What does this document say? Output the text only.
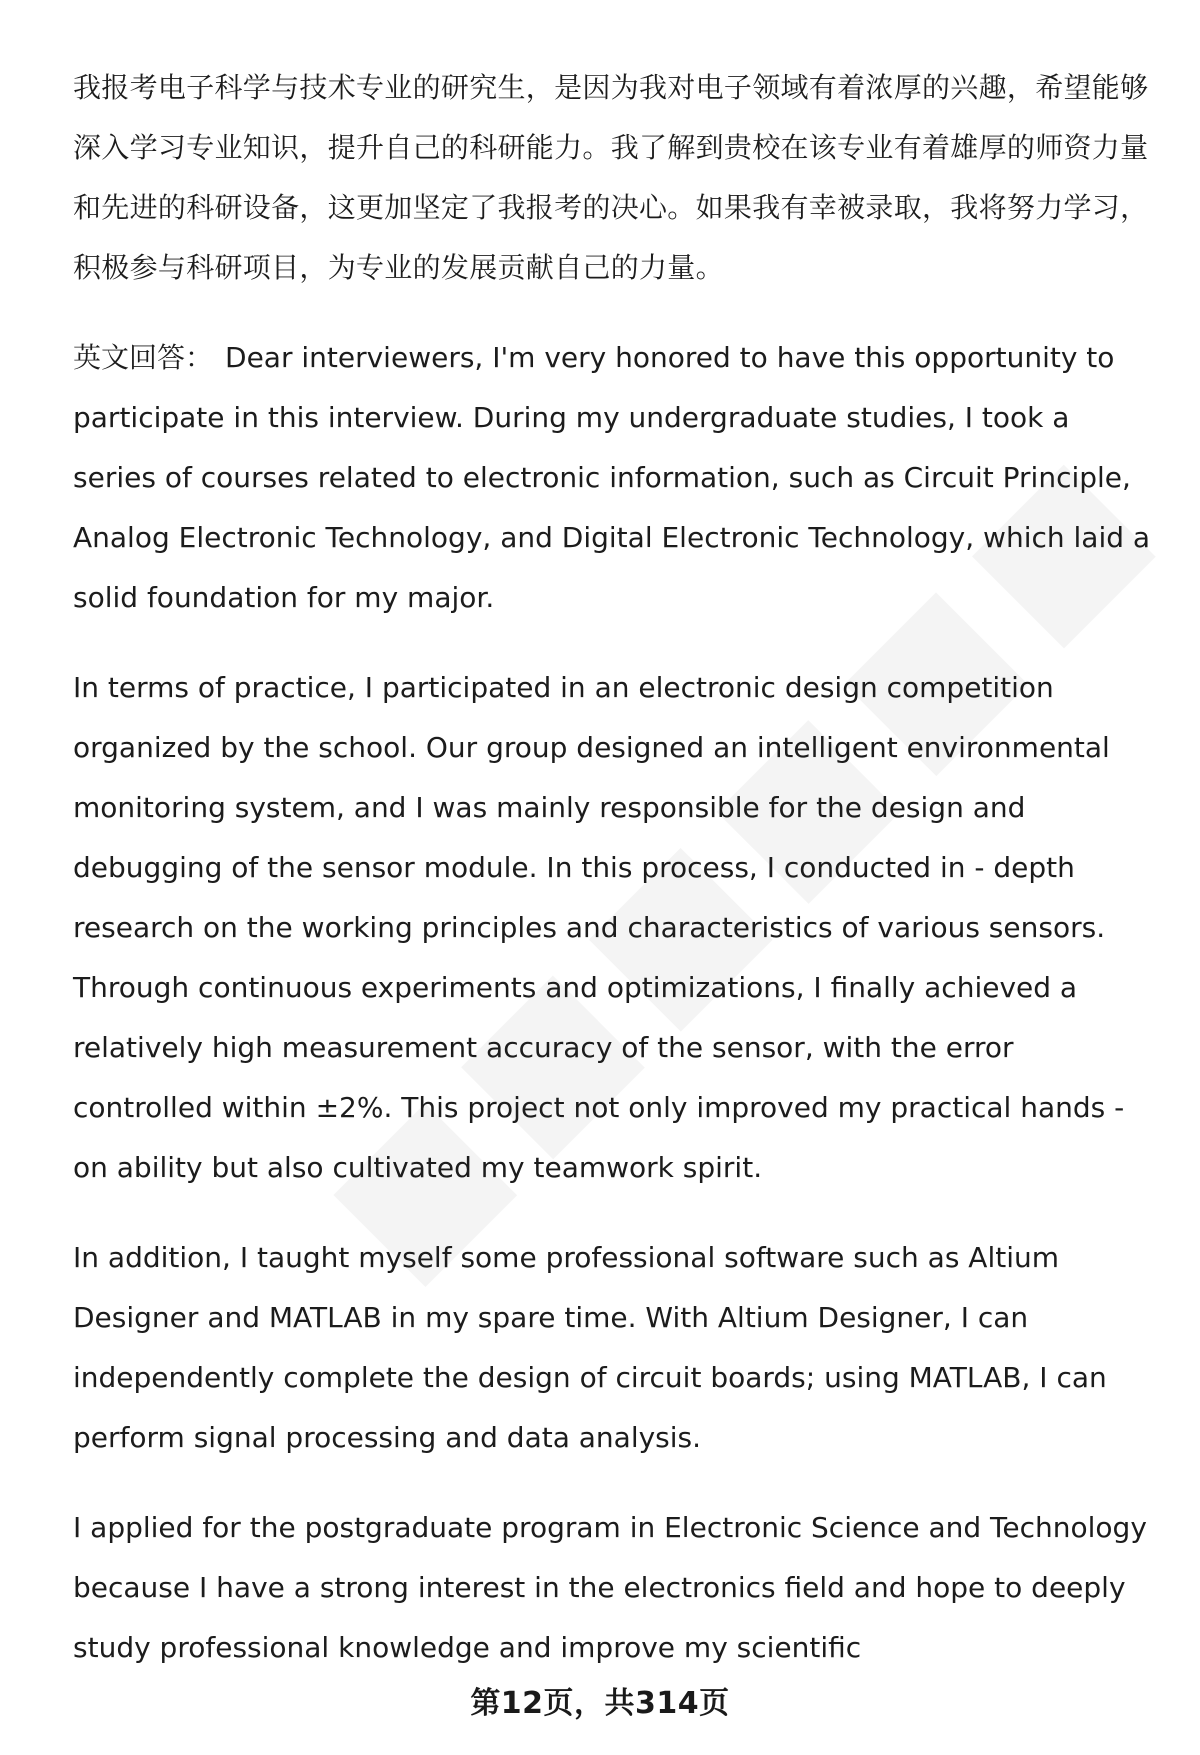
我报考电子科学与技术专业的研究生，是因为我对电子领域有着浓厚的兴趣，希望能够深入学习专业知识，提升自己的科研能力。我了解到贵校在该专业有着雄厚的师资力量和先进的科研设备，这更加坚定了我报考的决心。如果我有幸被录取，我将努力学习，积极参与科研项目，为专业的发展贡献自己的力量。

英文回答： Dear interviewers, I'm very honored to have this opportunity to participate in this interview. During my undergraduate studies, I took a series of courses related to electronic information, such as Circuit Principle, Analog Electronic Technology, and Digital Electronic Technology, which laid a solid foundation for my major.

In terms of practice, I participated in an electronic design competition organized by the school. Our group designed an intelligent environmental monitoring system, and I was mainly responsible for the design and debugging of the sensor module. In this process, I conducted in - depth research on the working principles and characteristics of various sensors. Through continuous experiments and optimizations, I finally achieved a relatively high measurement accuracy of the sensor, with the error controlled within ±2%. This project not only improved my practical hands - on ability but also cultivated my teamwork spirit.

In addition, I taught myself some professional software such as Altium Designer and MATLAB in my spare time. With Altium Designer, I can independently complete the design of circuit boards; using MATLAB, I can perform signal processing and data analysis.

I applied for the postgraduate program in Electronic Science and Technology because I have a strong interest in the electronics field and hope to deeply study professional knowledge and improve my scientific

第12页，共314页
